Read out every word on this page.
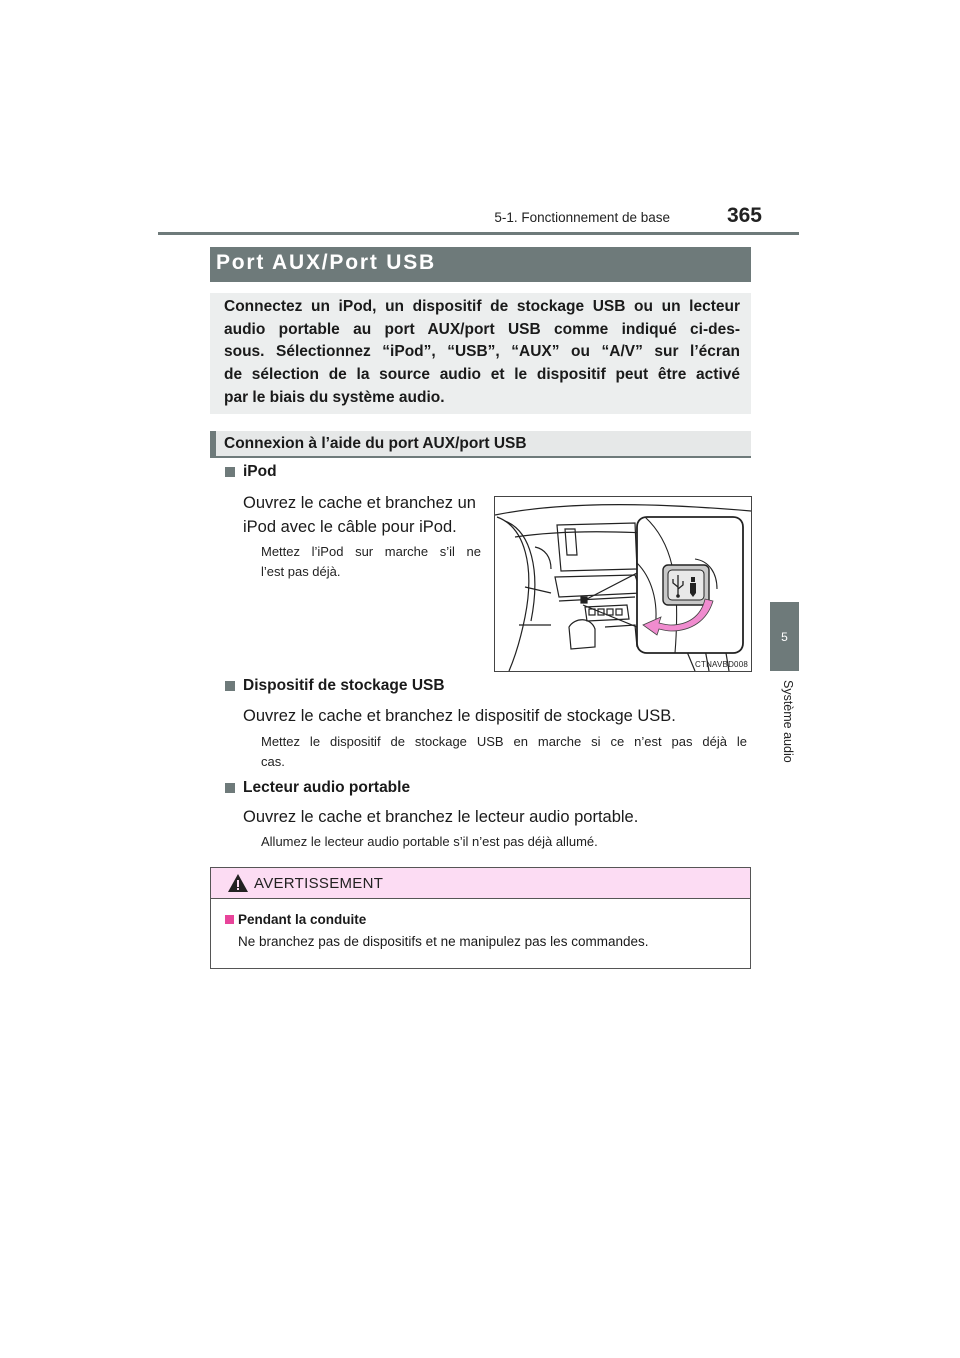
5-1. Fonctionnement de base	365
5
Système audio
Port AUX/Port USB
Connectez un iPod, un dispositif de stockage USB ou un lecteur
audio portable au port AUX/port USB comme indiqué ci-des-
sous. Sélectionnez “iPod”, “USB”, “AUX” ou “A/V” sur l’écran
de sélection de la source audio et le dispositif peut être activé
par le biais du système audio.
Connexion à l’aide du port AUX/port USB
iPod
Ouvrez le cache et branchez un
iPod avec le câble pour iPod.
Mettez l’iPod sur marche s’il ne
l’est pas déjà.
CTNAVBD008
Dispositif de stockage USB
Ouvrez le cache et branchez le dispositif de stockage USB.
Mettez le dispositif de stockage USB en marche si ce n’est pas déjà le
cas.
Lecteur audio portable
Ouvrez le cache et branchez le lecteur audio portable.
Allumez le lecteur audio portable s’il n’est pas déjà allumé.
AVERTISSEMENT
Pendant la conduite
Ne branchez pas de dispositifs et ne manipulez pas les commandes.
